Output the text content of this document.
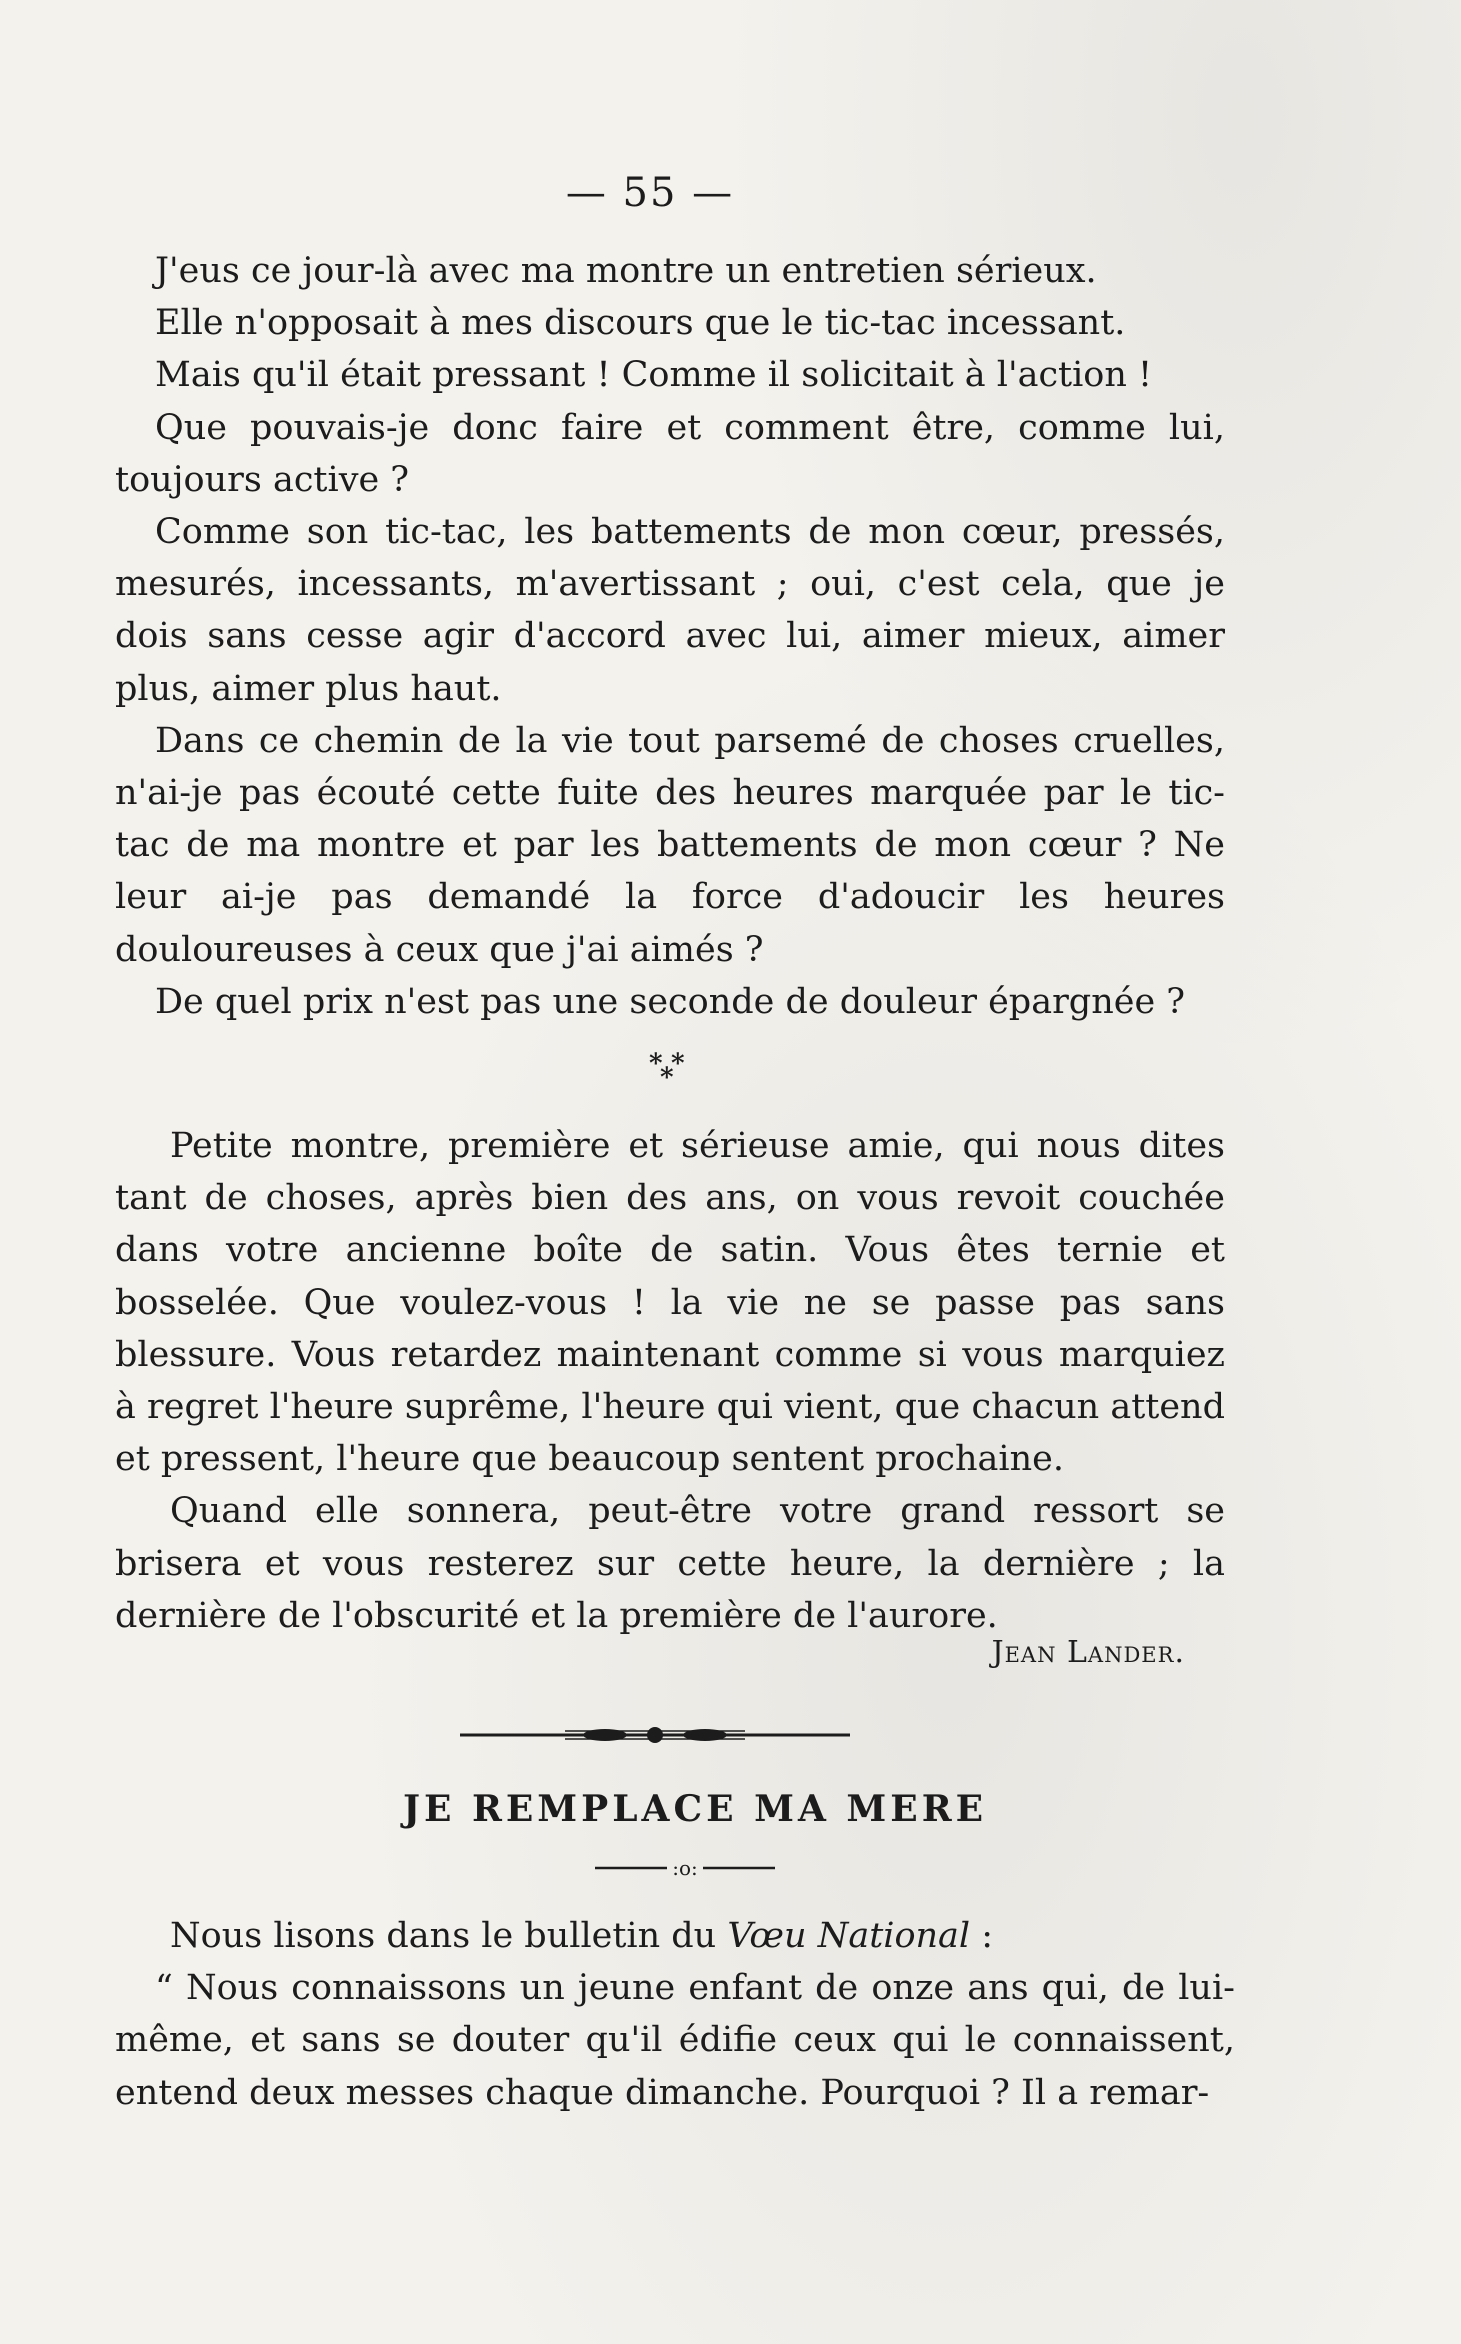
— 55 —

J'eus ce jour-là avec ma montre un entretien sérieux.

Elle n'opposait à mes discours que le tic-tac incessant.

Mais qu'il était pressant ! Comme il solicitait à l'action !

Que pouvais-je donc faire et comment être, comme lui, toujours active ?

Comme son tic-tac, les battements de mon cœur, pressés, mesurés, incessants, m'avertissant ; oui, c'est cela, que je dois sans cesse agir d'accord avec lui, aimer mieux, aimer plus, aimer plus haut.

Dans ce chemin de la vie tout parsemé de choses cruelles, n'ai-je pas écouté cette fuite des heures marquée par le tic-tac de ma montre et par les battements de mon cœur ? Ne leur ai-je pas demandé la force d'adoucir les heures douloureuses à ceux que j'ai aimés ?

De quel prix n'est pas une seconde de douleur épargnée ?

* *
*

Petite montre, première et sérieuse amie, qui nous dites tant de choses, après bien des ans, on vous revoit couchée dans votre ancienne boîte de satin. Vous êtes ternie et bosselée. Que voulez-vous ! la vie ne se passe pas sans blessure. Vous retardez maintenant comme si vous marquiez à regret l'heure suprême, l'heure qui vient, que chacun attend et pressent, l'heure que beaucoup sentent prochaine.

Quand elle sonnera, peut-être votre grand ressort se brisera et vous resterez sur cette heure, la dernière ; la dernière de l'obscurité et la première de l'aurore.

Jean Lander.
JE REMPLACE MA MERE
:o:

Nous lisons dans le bulletin du Vœu National :

“ Nous connaissons un jeune enfant de onze ans qui, de lui-même, et sans se douter qu'il édifie ceux qui le connaissent, entend deux messes chaque dimanche. Pourquoi ? Il a remar-
